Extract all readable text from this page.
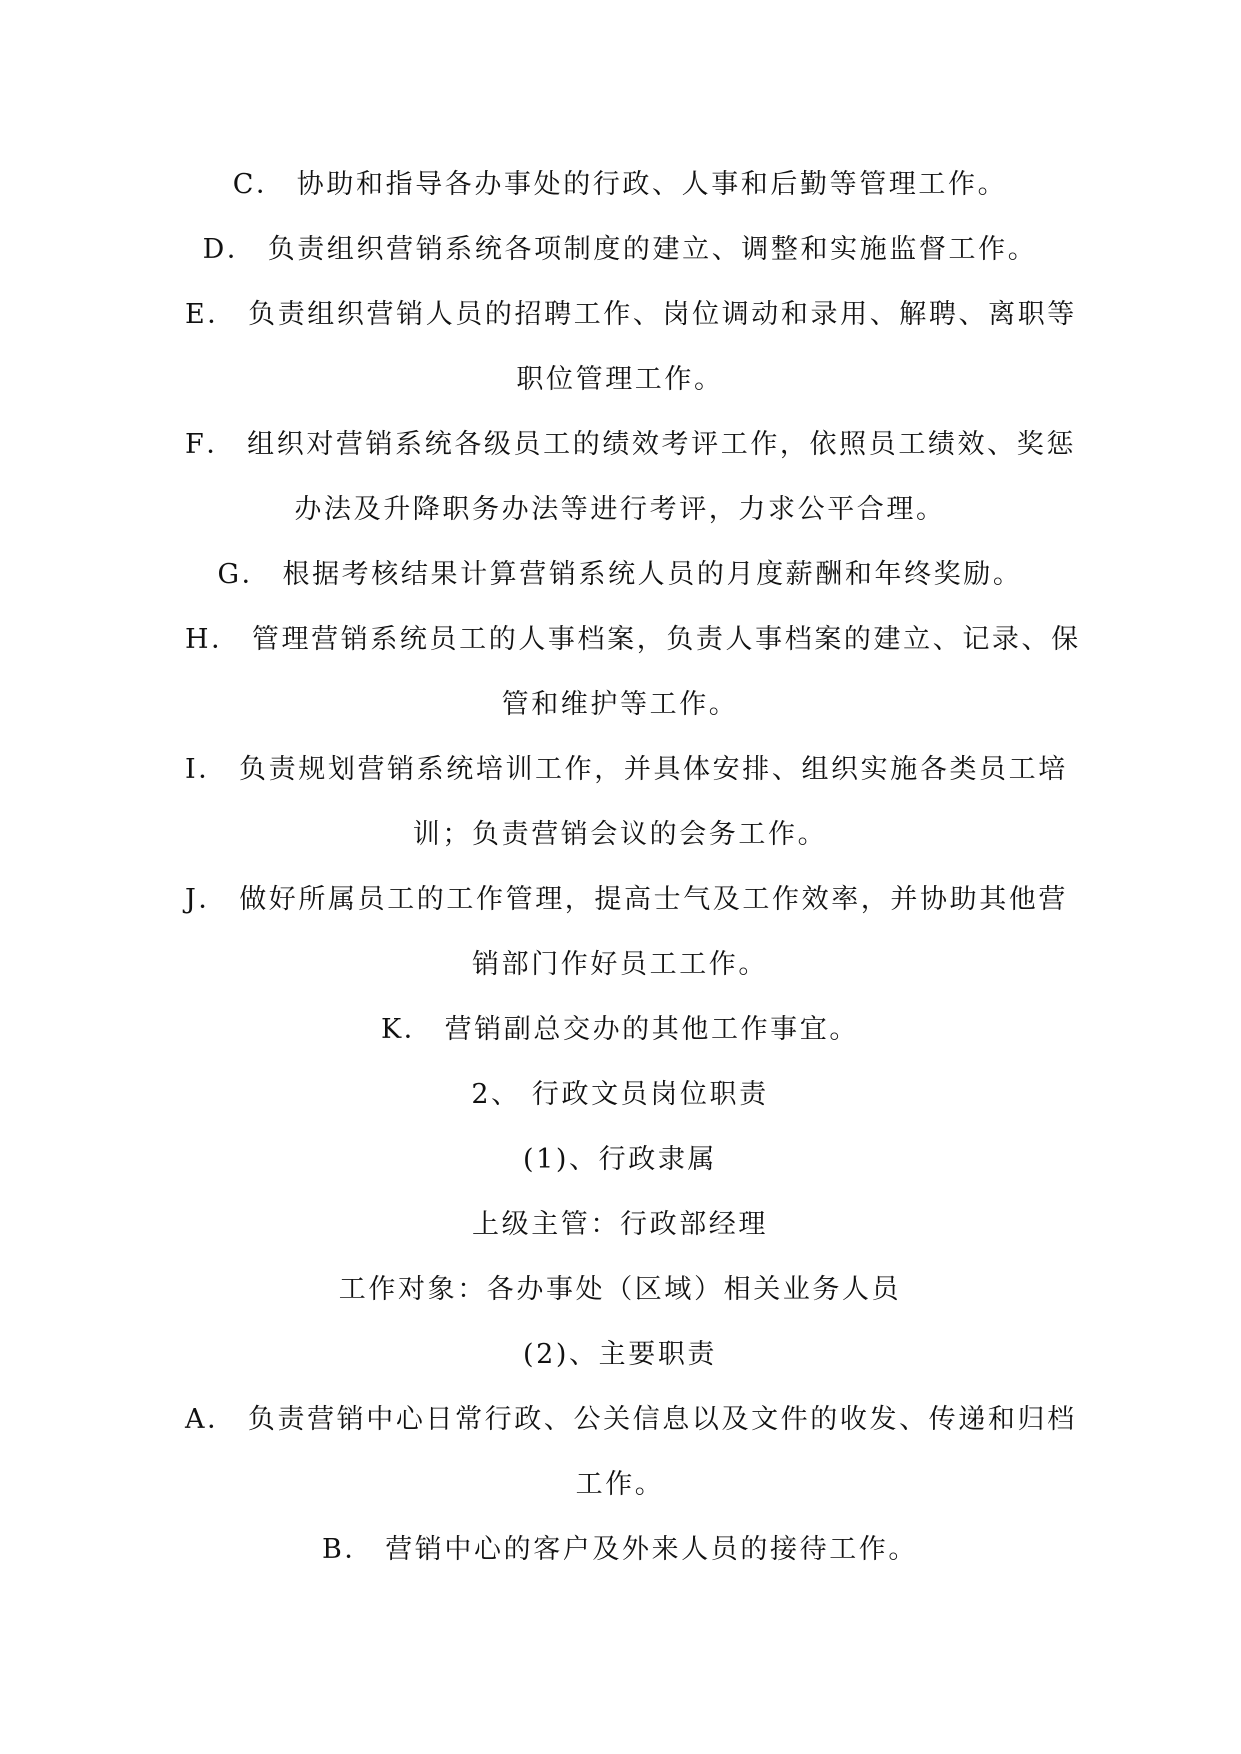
C． 协助和指导各办事处的行政、人事和后勤等管理工作。
D． 负责组织营销系统各项制度的建立、调整和实施监督工作。
E． 负责组织营销人员的招聘工作、岗位调动和录用、解聘、离职等
职位管理工作。
F． 组织对营销系统各级员工的绩效考评工作，依照员工绩效、奖惩
办法及升降职务办法等进行考评，力求公平合理。
G． 根据考核结果计算营销系统人员的月度薪酬和年终奖励。
H． 管理营销系统员工的人事档案，负责人事档案的建立、记录、保
管和维护等工作。
I． 负责规划营销系统培训工作，并具体安排、组织实施各类员工培
训；负责营销会议的会务工作。
J． 做好所属员工的工作管理，提高士气及工作效率，并协助其他营
销部门作好员工工作。
K． 营销副总交办的其他工作事宜。
2、 行政文员岗位职责
(1)、行政隶属
上级主管：行政部经理
工作对象：各办事处（区域）相关业务人员
(2)、主要职责
A． 负责营销中心日常行政、公关信息以及文件的收发、传递和归档
工作。
B． 营销中心的客户及外来人员的接待工作。
